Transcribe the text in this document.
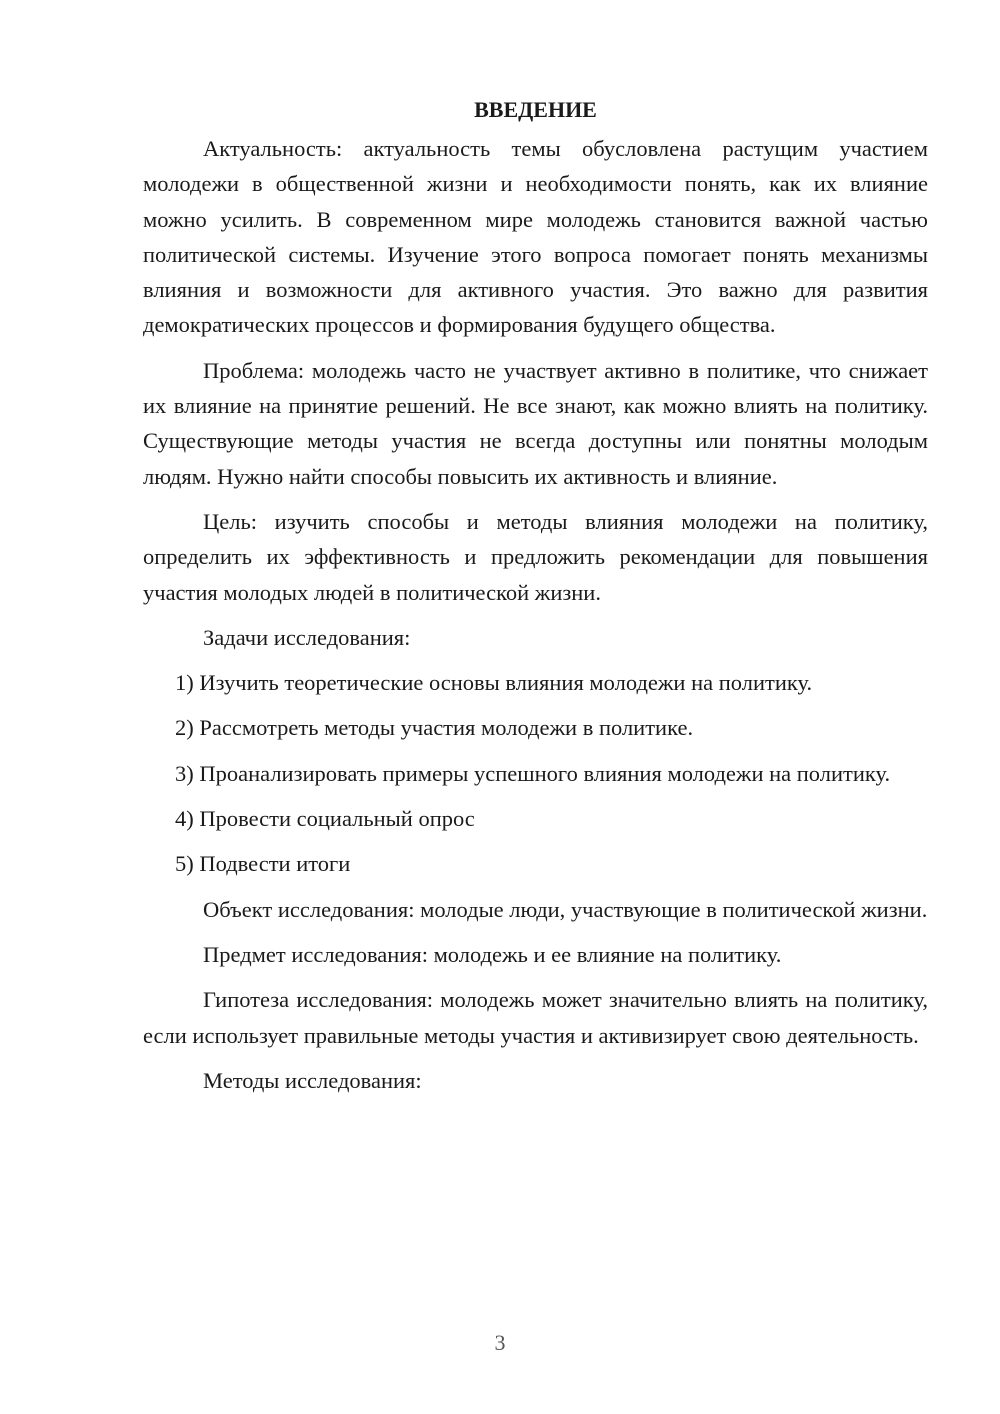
ВВЕДЕНИЕ

Актуальность: актуальность темы обусловлена растущим участием молодежи в общественной жизни и необходимости понять, как их влияние можно усилить. В современном мире молодежь становится важной частью политической системы. Изучение этого вопроса помогает понять механизмы влияния и возможности для активного участия. Это важно для развития демократических процессов и формирования будущего общества.

Проблема: молодежь часто не участвует активно в политике, что снижает их влияние на принятие решений. Не все знают, как можно влиять на политику. Существующие методы участия не всегда доступны или понятны молодым людям. Нужно найти способы повысить их активность и влияние.

Цель: изучить способы и методы влияния молодежи на политику, определить их эффективность и предложить рекомендации для повышения участия молодых людей в политической жизни.

Задачи исследования:

1) Изучить теоретические основы влияния молодежи на политику.

2) Рассмотреть методы участия молодежи в политике.

3) Проанализировать примеры успешного влияния молодежи на политику.

4) Провести социальный опрос

5) Подвести итоги

Объект исследования: молодые люди, участвующие в политической жизни.

Предмет исследования: молодежь и ее влияние на политику.

Гипотеза исследования: молодежь может значительно влиять на политику, если использует правильные методы участия и активизирует свою деятельность.

Методы исследования:

3
